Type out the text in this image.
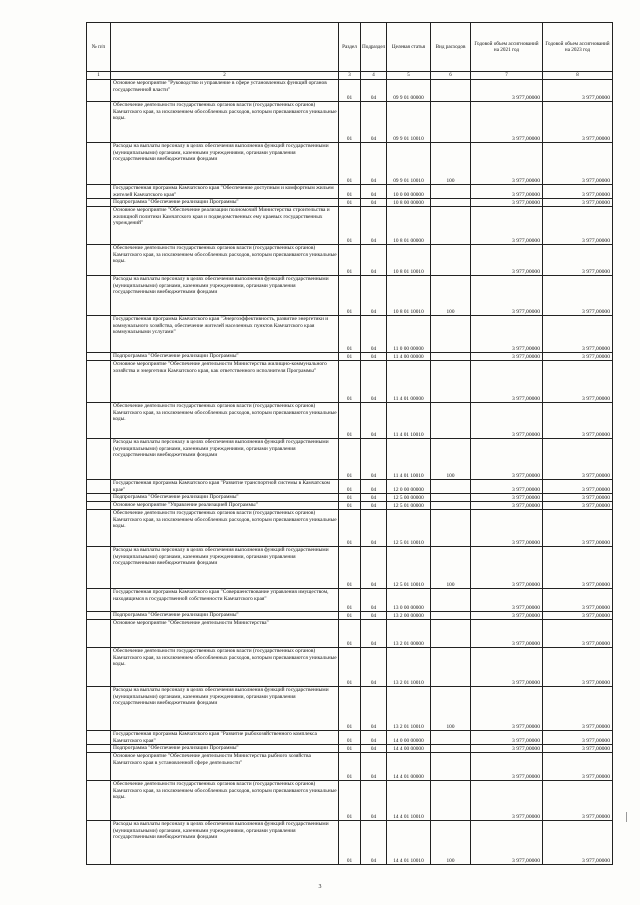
№ п/п		Раздел	Подраздел	Целевая статья	Вид расходов	Годовой объем ассигнований на 2021 год	Годовой объем ассигнований на 2023 год
1	2	3	4	5	6	7	8
	Основное мероприятие "Руководство и управление в сфере установленных функций органов государственной власти"	01	04	09 9 01 00000		3 977,00000	3 977,00000
	Обеспечение деятельности государственных органов власти (государственных органов) Камчатского края, за исключением обособленных расходов, которым присваиваются уникальные коды.	01	04	09 9 01 10010		3 977,00000	3 977,00000
	Расходы на выплаты персоналу в целях обеспечения выполнения функций государственными (муниципальными) органами, казенными учреждениями, органами управления государственными внебюджетными фондами	01	04	09 9 01 10010	100	3 977,00000	3 977,00000
	Государственная программа Камчатского края "Обеспечение доступным и комфортным жильем жителей Камчатского края"	01	04	10 0 00 00000		3 977,00000	3 977,00000
	Подпрограмма "Обеспечение реализации Программы"	01	04	10 8 00 00000		3 977,00000	3 977,00000
	Основное мероприятие "Обеспечение реализации полномочий Министерства строительства и жилищной политики Камчатского края и подведомственных ему краевых государственных учреждений"	01	04	10 8 01 00000		3 977,00000	3 977,00000
	Обеспечение деятельности государственных органов власти (государственных органов) Камчатского края, за исключением обособленных расходов, которым присваиваются уникальные коды.	01	04	10 8 01 10010		3 977,00000	3 977,00000
	Расходы на выплаты персоналу в целях обеспечения выполнения функций государственными (муниципальными) органами, казенными учреждениями, органами управления государственными внебюджетными фондами	01	04	10 8 01 10010	100	3 977,00000	3 977,00000
	Государственная программа Камчатского края "Энергоэффективность, развитие энергетики и коммунального хозяйства, обеспечение жителей населенных пунктов Камчатского края коммунальными услугами"	01	04	11 0 00 00000		3 977,00000	3 977,00000
	Подпрограмма "Обеспечение реализации Программы"	01	04	11 4 00 00000		3 977,00000	3 977,00000
	Основное мероприятие "Обеспечение деятельности Министерства жилищно-коммунального хозяйства и энергетики Камчатского края, как ответственного исполнителя Программы"	01	04	11 4 01 00000		3 977,00000	3 977,00000
	Обеспечение деятельности государственных органов власти (государственных органов) Камчатского края, за исключением обособленных расходов, которым присваиваются уникальные коды.	01	04	11 4 01 10010		3 977,00000	3 977,00000
	Расходы на выплаты персоналу в целях обеспечения выполнения функций государственными (муниципальными) органами, казенными учреждениями, органами управления государственными внебюджетными фондами	01	04	11 4 01 10010	100	3 977,00000	3 977,00000
	Государственная программа Камчатского края "Развитие транспортной системы в Камчатском крае"	01	04	12 0 00 00000		3 977,00000	3 977,00000
	Подпрограмма "Обеспечение реализации Программы"	01	04	12 5 00 00000		3 977,00000	3 977,00000
	Основное мероприятие "Управление реализацией Программы"	01	04	12 5 01 00000		3 977,00000	3 977,00000
	Обеспечение деятельности государственных органов власти (государственных органов) Камчатского края, за исключением обособленных расходов, которым присваиваются уникальные коды.	01	04	12 5 01 10010		3 977,00000	3 977,00000
	Расходы на выплаты персоналу в целях обеспечения выполнения функций государственными (муниципальными) органами, казенными учреждениями, органами управления государственными внебюджетными фондами	01	04	12 5 01 10010	100	3 977,00000	3 977,00000
	Государственная программа Камчатского края "Совершенствование управления имуществом, находящимся в государственной собственности Камчатского края"	01	04	13 0 00 00000		3 977,00000	3 977,00000
	Подпрограмма "Обеспечение реализации Программы"	01	04	13 2 00 00000		3 977,00000	3 977,00000
	Основное мероприятие "Обеспечение деятельности Министерства"	01	04	13 2 01 00000		3 977,00000	3 977,00000
	Обеспечение деятельности государственных органов власти (государственных органов) Камчатского края, за исключением обособленных расходов, которым присваиваются уникальные коды.	01	04	13 2 01 10010		3 977,00000	3 977,00000
	Расходы на выплаты персоналу в целях обеспечения выполнения функций государственными (муниципальными) органами, казенными учреждениями, органами управления государственными внебюджетными фондами	01	04	13 2 01 10010	100	3 977,00000	3 977,00000
	Государственная программа Камчатского края "Развитие рыбохозяйственного комплекса Камчатского края"	01	04	14 0 00 00000		3 977,00000	3 977,00000
	Подпрограмма "Обеспечение реализации Программы"	01	04	14 4 00 00000		3 977,00000	3 977,00000
	Основное мероприятие "Обеспечение деятельности Министерства рыбного хозяйства Камчатского края в установленной сфере деятельности"	01	04	14 4 01 00000		3 977,00000	3 977,00000
	Обеспечение деятельности государственных органов власти (государственных органов) Камчатского края, за исключением обособленных расходов, которым присваиваются уникальные коды.	01	04	14 4 01 10010		3 977,00000	3 977,00000
	Расходы на выплаты персоналу в целях обеспечения выполнения функций государственными (муниципальными) органами, казенными учреждениями, органами управления государственными внебюджетными фондами	01	04	14 4 01 10010	100	3 977,00000	3 977,00000
3
